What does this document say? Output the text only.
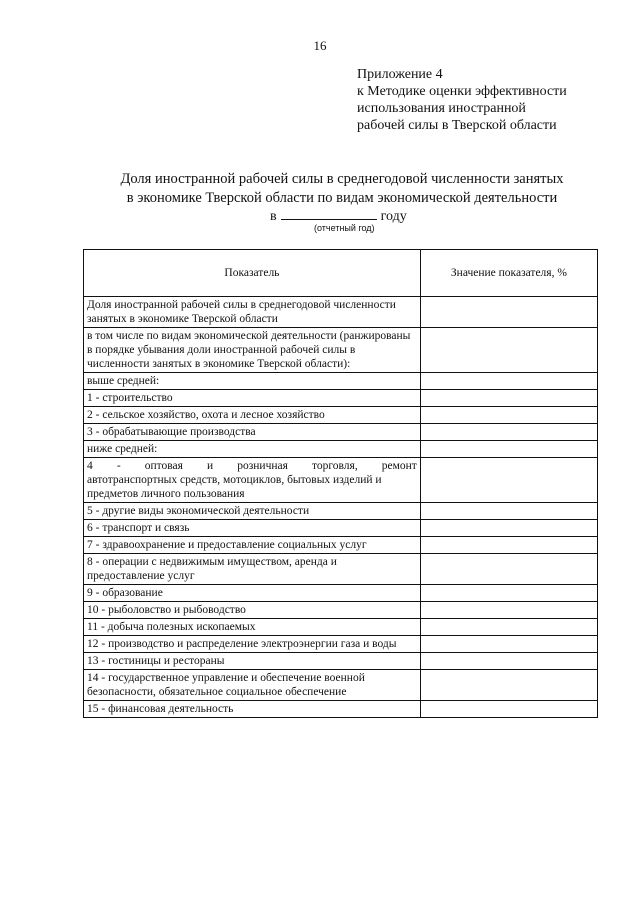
16
Приложение 4
к Методике оценки эффективности
использования иностранной
рабочей силы в Тверской области
Доля иностранной рабочей силы в среднегодовой численности занятых
в экономике Тверской области по видам экономической деятельности
в	году
(отчетный год)
Показатель	Значение показателя, %
Доля иностранной рабочей силы в среднегодовой численности занятых в экономике Тверской области	
в том числе по видам экономической деятельности (ранжированы в порядке убывания доли иностранной рабочей силы в численности занятых в экономике Тверской области):	
выше средней:	
1 - строительство	
2 - сельское хозяйство, охота и лесное хозяйство	
3 - обрабатывающие производства	
ниже средней:	

4 - оптовая и розничная торговля, ремонт
автотранспортных средств, мотоциклов, бытовых изделий и предметов личного пользования	
5 - другие виды экономической деятельности	
6 - транспорт и связь	
7 - здравоохранение и предоставление социальных услуг	
8 - операции с недвижимым имуществом, аренда и предоставление услуг	
9 - образование	
10 - рыболовство и рыбоводство	
11 - добыча полезных ископаемых	
12 - производство и распределение электроэнергии газа и воды	
13 - гостиницы и рестораны	
14 - государственное управление и обеспечение военной безопасности, обязательное социальное обеспечение	
15 - финансовая деятельность	
